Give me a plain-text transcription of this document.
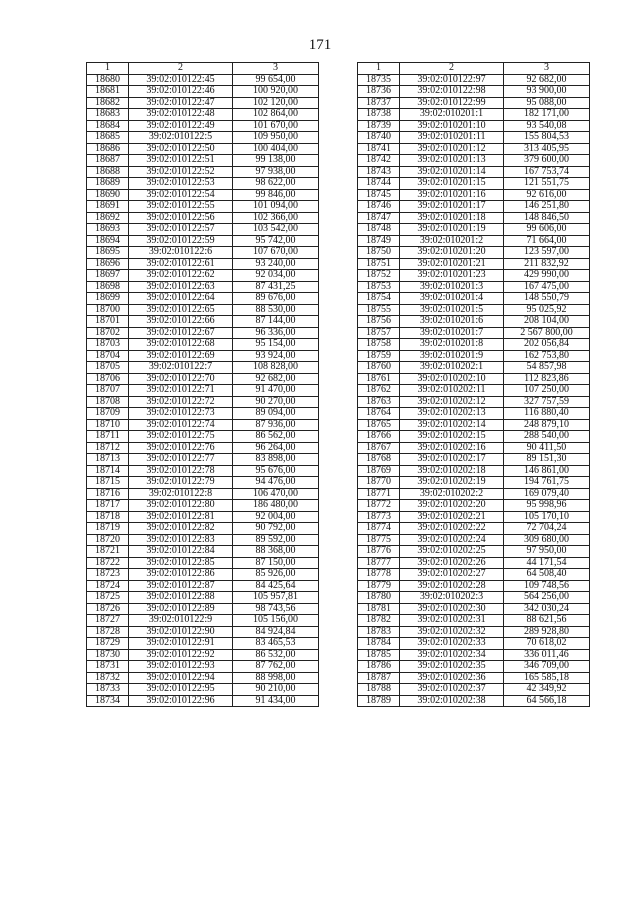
171
1	2	3
18680	39:02:010122:45	99 654,00
18681	39:02:010122:46	100 920,00
18682	39:02:010122:47	102 120,00
18683	39:02:010122:48	102 864,00
18684	39:02:010122:49	101 670,00
18685	39:02:010122:5	109 950,00
18686	39:02:010122:50	100 404,00
18687	39:02:010122:51	99 138,00
18688	39:02:010122:52	97 938,00
18689	39:02:010122:53	98 622,00
18690	39:02:010122:54	99 846,00
18691	39:02:010122:55	101 094,00
18692	39:02:010122:56	102 366,00
18693	39:02:010122:57	103 542,00
18694	39:02:010122:59	95 742,00
18695	39:02:010122:6	107 670,00
18696	39:02:010122:61	93 240,00
18697	39:02:010122:62	92 034,00
18698	39:02:010122:63	87 431,25
18699	39:02:010122:64	89 676,00
18700	39:02:010122:65	88 530,00
18701	39:02:010122:66	87 144,00
18702	39:02:010122:67	96 336,00
18703	39:02:010122:68	95 154,00
18704	39:02:010122:69	93 924,00
18705	39:02:010122:7	108 828,00
18706	39:02:010122:70	92 682,00
18707	39:02:010122:71	91 470,00
18708	39:02:010122:72	90 270,00
18709	39:02:010122:73	89 094,00
18710	39:02:010122:74	87 936,00
18711	39:02:010122:75	86 562,00
18712	39:02:010122:76	96 264,00
18713	39:02:010122:77	83 898,00
18714	39:02:010122:78	95 676,00
18715	39:02:010122:79	94 476,00
18716	39:02:010122:8	106 470,00
18717	39:02:010122:80	186 480,00
18718	39:02:010122:81	92 004,00
18719	39:02:010122:82	90 792,00
18720	39:02:010122:83	89 592,00
18721	39:02:010122:84	88 368,00
18722	39:02:010122:85	87 150,00
18723	39:02:010122:86	85 926,00
18724	39:02:010122:87	84 425,64
18725	39:02:010122:88	105 957,81
18726	39:02:010122:89	98 743,56
18727	39:02:010122:9	105 156,00
18728	39:02:010122:90	84 924,84
18729	39:02:010122:91	83 465,53
18730	39:02:010122:92	86 532,00
18731	39:02:010122:93	87 762,00
18732	39:02:010122:94	88 998,00
18733	39:02:010122:95	90 210,00
18734	39:02:010122:96	91 434,00
1	2	3
18735	39:02:010122:97	92 682,00
18736	39:02:010122:98	93 900,00
18737	39:02:010122:99	95 088,00
18738	39:02:010201:1	182 171,00
18739	39:02:010201:10	93 540,08
18740	39:02:010201:11	155 804,53
18741	39:02:010201:12	313 405,95
18742	39:02:010201:13	379 600,00
18743	39:02:010201:14	167 753,74
18744	39:02:010201:15	121 551,75
18745	39:02:010201:16	92 616,00
18746	39:02:010201:17	146 251,80
18747	39:02:010201:18	148 846,50
18748	39:02:010201:19	99 606,00
18749	39:02:010201:2	71 664,00
18750	39:02:010201:20	123 597,00
18751	39:02:010201:21	211 832,92
18752	39:02:010201:23	429 990,00
18753	39:02:010201:3	167 475,00
18754	39:02:010201:4	148 550,79
18755	39:02:010201:5	95 025,92
18756	39:02:010201:6	208 104,00
18757	39:02:010201:7	2 567 800,00
18758	39:02:010201:8	202 056,84
18759	39:02:010201:9	162 753,80
18760	39:02:010202:1	54 857,98
18761	39:02:010202:10	112 823,86
18762	39:02:010202:11	107 250,00
18763	39:02:010202:12	327 757,59
18764	39:02:010202:13	116 880,40
18765	39:02:010202:14	248 879,10
18766	39:02:010202:15	288 540,00
18767	39:02:010202:16	90 411,50
18768	39:02:010202:17	89 151,30
18769	39:02:010202:18	146 861,00
18770	39:02:010202:19	194 761,75
18771	39:02:010202:2	169 079,40
18772	39:02:010202:20	95 998,96
18773	39:02:010202:21	105 170,10
18774	39:02:010202:22	72 704,24
18775	39:02:010202:24	309 680,00
18776	39:02:010202:25	97 950,00
18777	39:02:010202:26	44 171,54
18778	39:02:010202:27	64 508,40
18779	39:02:010202:28	109 748,56
18780	39:02:010202:3	564 256,00
18781	39:02:010202:30	342 030,24
18782	39:02:010202:31	88 621,56
18783	39:02:010202:32	289 928,80
18784	39:02:010202:33	70 618,02
18785	39:02:010202:34	336 011,46
18786	39:02:010202:35	346 709,00
18787	39:02:010202:36	165 585,18
18788	39:02:010202:37	42 349,92
18789	39:02:010202:38	64 566,18
